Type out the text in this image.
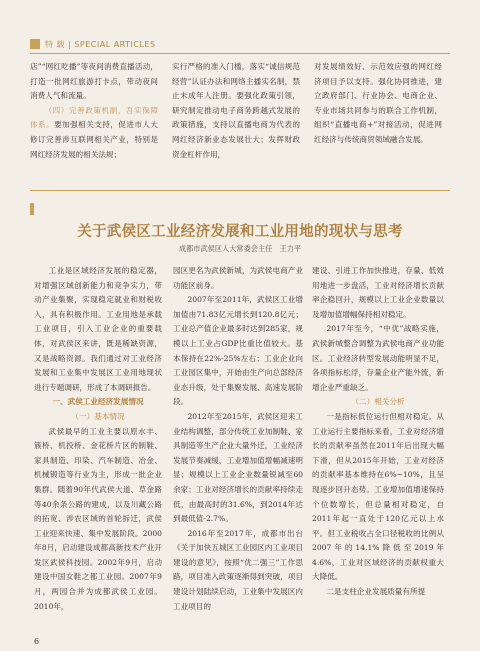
特 载 | SPECIAL ARTICLES

店”“网红吃播”等夜间消费直播活动，打造一批网红旅游打卡点，带动夜间消费人气和流量。

（四）完善政策机制，吾实保障体系。要加强相关支持，促进市人大修订完善涉互联网相关产业，特别是网红经济发展的相关法规；

实行严格的准入门槛，落实“诚信规范经营”认证办法和网络主播实名制，禁止未成年人注册。要强化政策引领，研究制定推动电子商务跨越式发展的政策措施，支持以直播电商为代表的网红经济新业态发展壮大；发挥财政资金杠杆作用，

对发展绩效好、示范效应强的网红经济项目予以支持。强化协同推进，建立政府部门、行业协会、电商企业、专业市场共同参与的联合工作机制，组织“直播电商+”对接活动，促进网红经济与传统商贸领域融合发展。

关于武侯区工业经济发展和工业用地的现状与思考
成都市武侯区人大常委会主任　王力平

工业是区域经济发展的稳定器，对增强区域创新能力和竞争实力，带动产业集聚，实现稳定就业和财税收入，具有积极作用。工业用地是承载工业项目，引入工业企业的重要载体，对武侯区来讲，既是稀缺资源，又是战略资源。我们通过对工业经济发展和工业集中发展区工业用地现状进行专题调研，形成了本调研报告。

一、武侯工业经济发展情况
（一）基本情况

武侯最早的工业主要以原水丰、簇桥、机投桥、金花桥片区的制鞋、家具制造、印染、汽车制造、冶金、机械锻造等行业为主，形成一批企业集群。随着90年代武侯大道、草金路等40余条公路的建成，以及川藏公路的拓宽、涉农区域的首轮拆迁，武侯工业迎来快速、集中发展阶段。2000年8月，启动建设成都高新技术产业开发区武侯科技园。2002年9月，启动建设中国女鞋之都工业园。2007年9月，两园合并为成都武侯工业园。2010年，

园区更名为武侯新城，为武侯电商产业功能区前身。

2007年至2011年，武侯区工业增加值由71.83亿元增长到120.8亿元；工业总产值企业最多时达到285家，规模以上工业占GDP比重比值较大。基本保持在22%-25%左右；工业企业向工业园区集中，开始由生产向总部经济业态升级，处于集聚发展、高速发展阶段。

2012年至2015年，武侯区迎来工业结构调整，部分传统工业加制鞋、家具制造等生产企业大量外迁，工业经济发展节奏减缓，工业增加值增幅减速明显；规模以上工业企业数量锐减至60余家；工业对经济增长的贡献率持续走低，由最高时的31.6%，到2014年达到最低值-2.7%。

2016年至2017年，成都市出台《关于加快五城区工业园区内工业项目建设的意见》，按照“优二强三”工作思路，项目准入政策逐渐得到突破，项目建设计划陆续启动，工业集中发展区内工业项目的

建设、引进工作加快推进，存量、低效用地进一步盘活，工业对经济增长贡献率企稳回升，规模以上工业企业数量以及增加值增幅保持相对稳定。

2017年至今，“中优”战略实施，武侯新城整合调整为武侯电商产业功能区。工业经济转型发展动能明显不足，各项指标松浮，存量企业产能外流，新增企业严重缺乏。

（二）相关分析

一是指标低位运行但相对稳定。从工业运行主要指标来看，工业对经济增长的贡献率虽然在2011年后出现大幅下滑，但从2015年开始，工业对经济的贡献率基本维持在6%~10%，且呈现逐步回升态势。工业增加值增速保持个位数增长，但总量相对稳定，自2011年起一直处于120亿元以上水平。但工业税收占全口径税收的比例从2007年的14.1%降低至2019年4.6%，工业对区域经济的贡献权重大大降低。

二是支柱企业发展质量有所提

6
